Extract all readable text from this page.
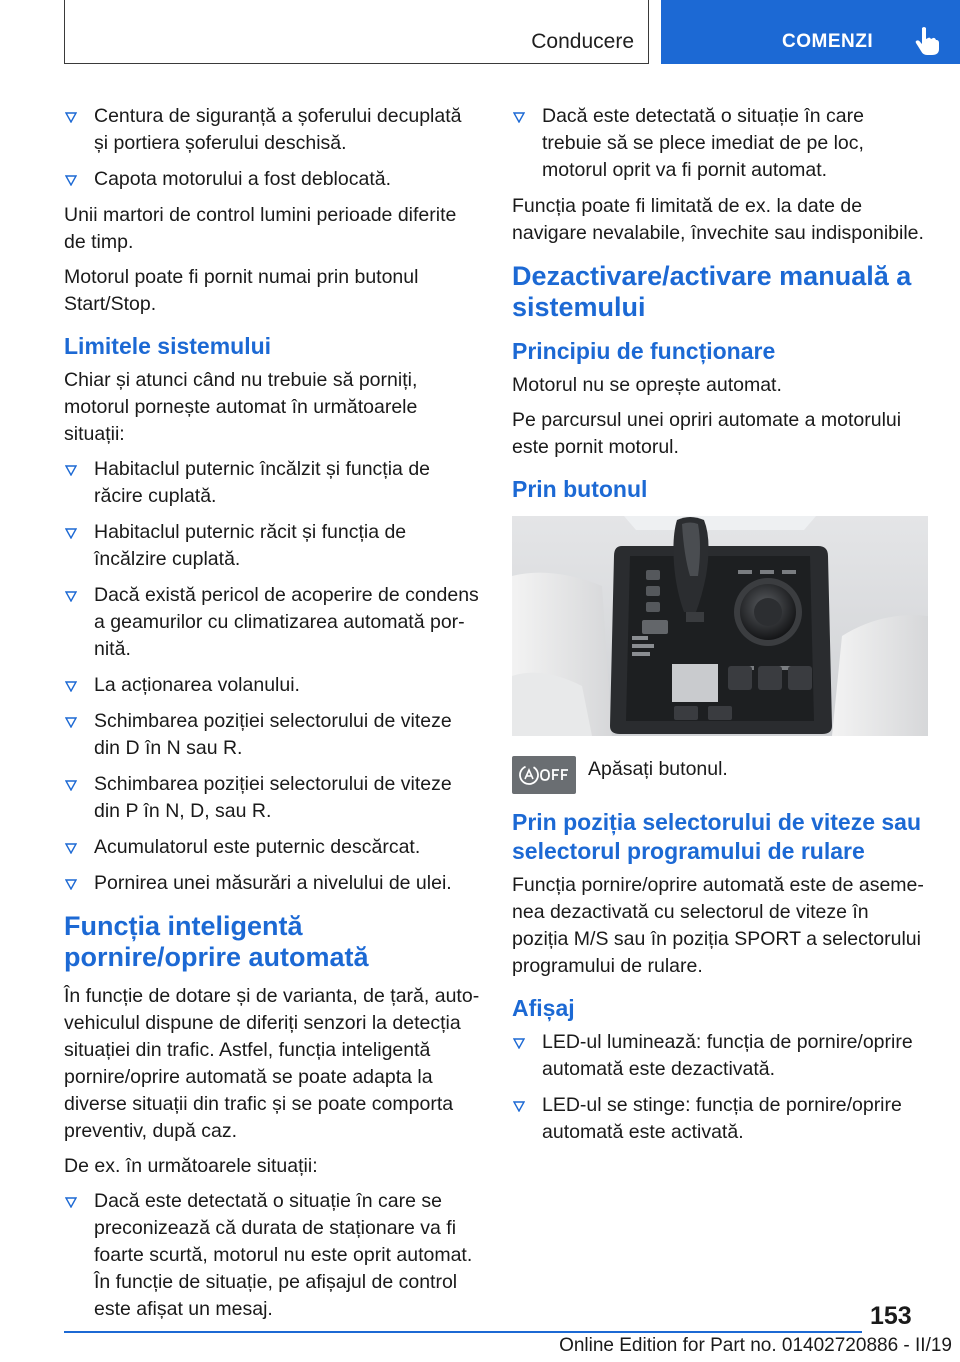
Conducere	COMENZI
Centura de siguranță a șoferului decuplată și portiera șoferului deschisă.
Capota motorului a fost deblocată.

Unii martori de control lumini perioade diferite de timp.

Motorul poate fi pornit numai prin butonul Start/Stop.

Limitele sistemului

Chiar și atunci când nu trebuie să porniți, motorul pornește automat în următoarele situații:

Habitaclul puternic încălzit și funcția de răcire cuplată.
Habitaclul puternic răcit și funcția de încălzire cuplată.
Dacă există pericol de acoperire de condens a geamurilor cu climatizarea automată pornită.
La acționarea volanului.
Schimbarea poziției selectorului de viteze din D în N sau R.
Schimbarea poziției selectorului de viteze din P în N, D, sau R.
Acumulatorul este puternic descărcat.
Pornirea unei măsurări a nivelului de ulei.
Funcția inteligentă pornire/oprire automată

În funcție de dotare și de varianta, de țară, autovehiculul dispune de diferiți senzori la detecția situației din trafic. Astfel, funcția inteligentă pornire/oprire automată se poate adapta la diverse situații din trafic și se poate comporta preventiv, după caz.

De ex. în următoarele situații:

Dacă este detectată o situație în care se preconizează că durata de staționare va fi foarte scurtă, motorul nu este oprit automat. În funcție de situație, pe afișajul de control este afișat un mesaj.
Dacă este detectată o situație în care trebuie să se plece imediat de pe loc, motorul oprit va fi pornit automat.

Funcția poate fi limitată de ex. la date de navigare nevalabile, învechite sau indisponibile.

Dezactivare/activare manuală a sistemului
Principiu de funcționare

Motorul nu se oprește automat.

Pe parcursul unei opriri automate a motorului este pornit motorul.

Prin butonul

Apăsați butonul.

Prin poziția selectorului de viteze sau selectorul programului de rulare

Funcția pornire/oprire automată este de asemenea dezactivată cu selectorul de viteze în poziția M/S sau în poziția SPORT a selectorului programului de rulare.

Afișaj
LED-ul luminează: funcția de pornire/oprire automată este dezactivată.
LED-ul se stinge: funcția de pornire/oprire automată este activată.
153
Online Edition for Part no. 01402720886 - II/19
